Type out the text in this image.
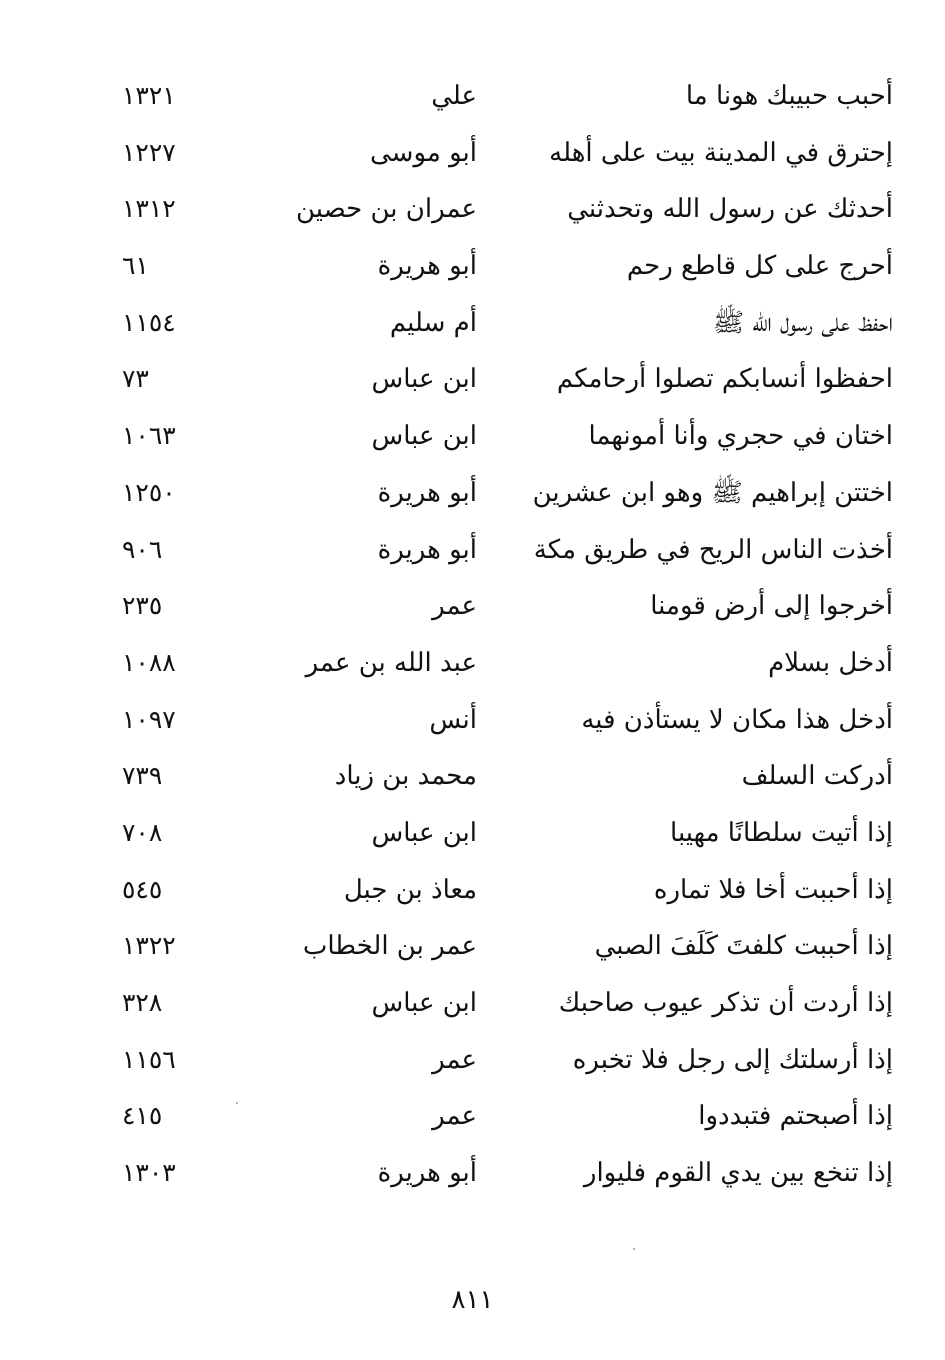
أحبب حبيبك هونا ما
علي
١٣٢١
إحترق في المدينة بيت على أهله
أبو موسى
١٢٢٧
أحدثك عن رسول الله وتحدثني
عمران بن حصين
١٣١٢
أحرج على كل قاطع رحم
أبو هريرة
٦١
احفظ على رسول الله ﷺ
أم سليم
١١٥٤
احفظوا أنسابكم تصلوا أرحامكم
ابن عباس
٧٣
اختان في حجري وأنا أمونهما
ابن عباس
١٠٦٣
اختتن إبراهيم ﷺ وهو ابن عشرين
أبو هريرة
١٢٥٠
أخذت الناس الريح في طريق مكة
أبو هريرة
٩٠٦
أخرجوا إلى أرض قومنا
عمر
٢٣٥
أدخل بسلام
عبد الله بن عمر
١٠٨٨
أدخل هذا مكان لا يستأذن فيه
أنس
١٠٩٧
أدركت السلف
محمد بن زياد
٧٣٩
إذا أتيت سلطانًا مهيبا
ابن عباس
٧٠٨
إذا أحببت أخا فلا تماره
معاذ بن جبل
٥٤٥
إذا أحببت كلفتَ كَلَفَ الصبي
عمر بن الخطاب
١٣٢٢
إذا أردت أن تذكر عيوب صاحبك
ابن عباس
٣٢٨
إذا أرسلتك إلى رجل فلا تخبره
عمر
١١٥٦
إذا أصبحتم فتبددوا
عمر
٤١٥
إذا تنخع بين يدي القوم فليوار
أبو هريرة
١٣٠٣
٨١١
